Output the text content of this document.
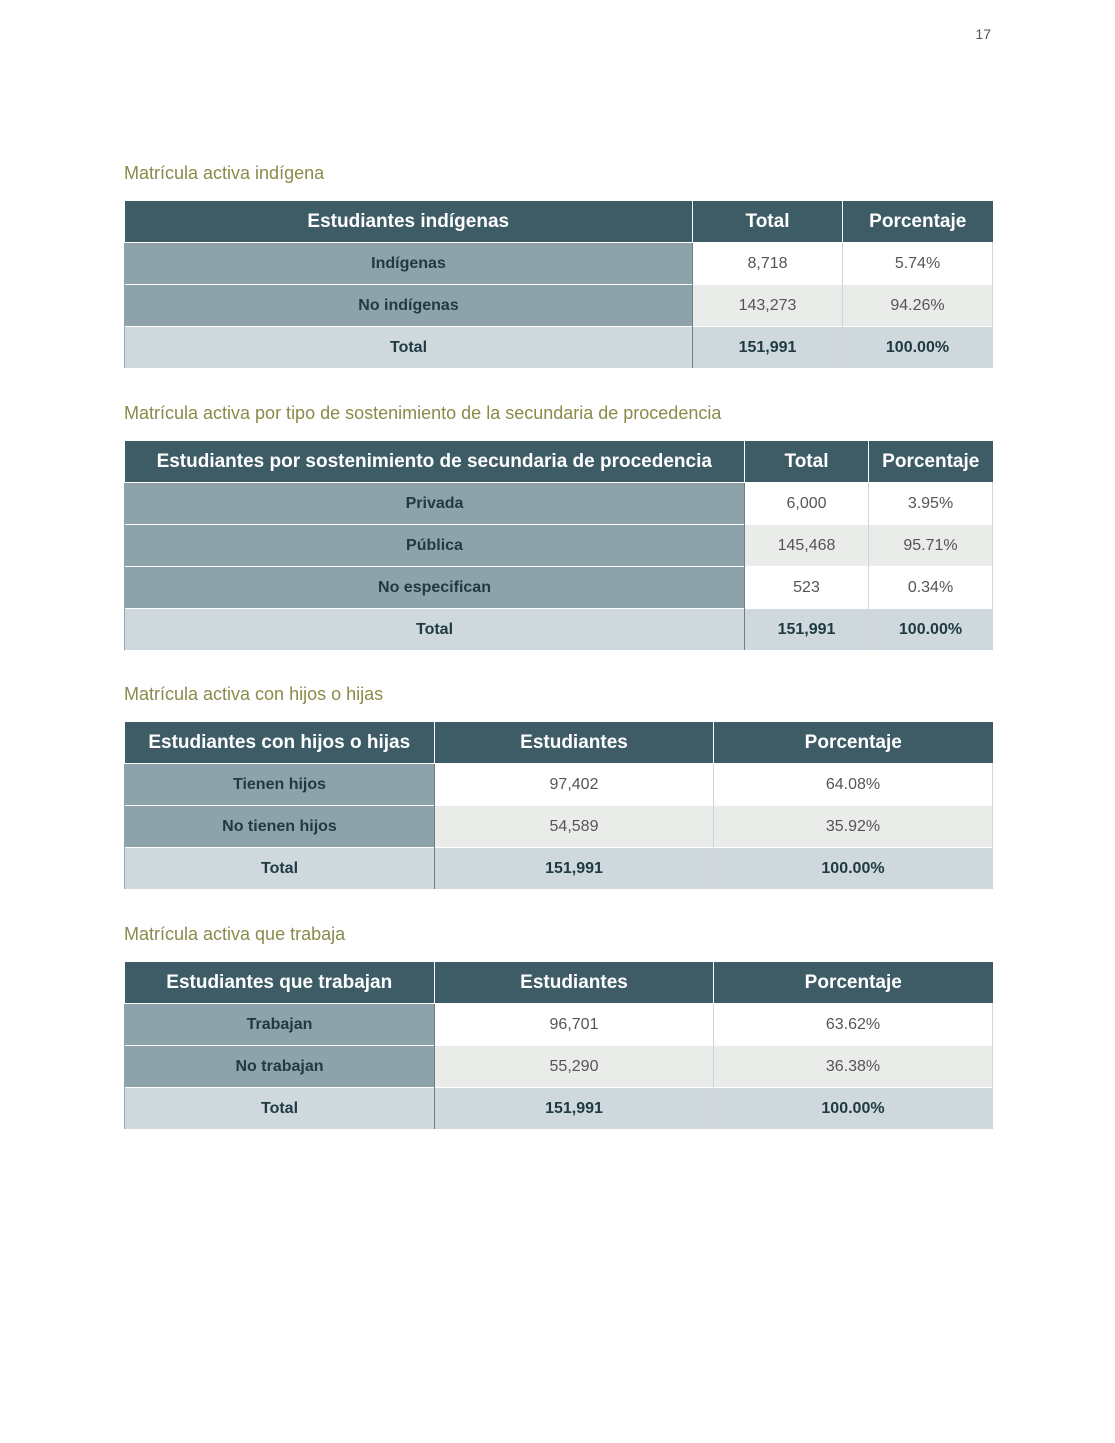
17
Matrícula activa indígena
Estudiantes indígenas	Total	Porcentaje
Indígenas	8,718	5.74%
No indígenas	143,273	94.26%
Total	151,991	100.00%
Matrícula activa por tipo de sostenimiento de la secundaria de procedencia
Estudiantes por sostenimiento de secundaria de procedencia	Total	Porcentaje
Privada	6,000	3.95%
Pública	145,468	95.71%
No especifican	523	0.34%
Total	151,991	100.00%
Matrícula activa con hijos o hijas
Estudiantes con hijos o hijas	Estudiantes	Porcentaje
Tienen hijos	97,402	64.08%
No tienen hijos	54,589	35.92%
Total	151,991	100.00%
Matrícula activa que trabaja
Estudiantes que trabajan	Estudiantes	Porcentaje
Trabajan	96,701	63.62%
No trabajan	55,290	36.38%
Total	151,991	100.00%
